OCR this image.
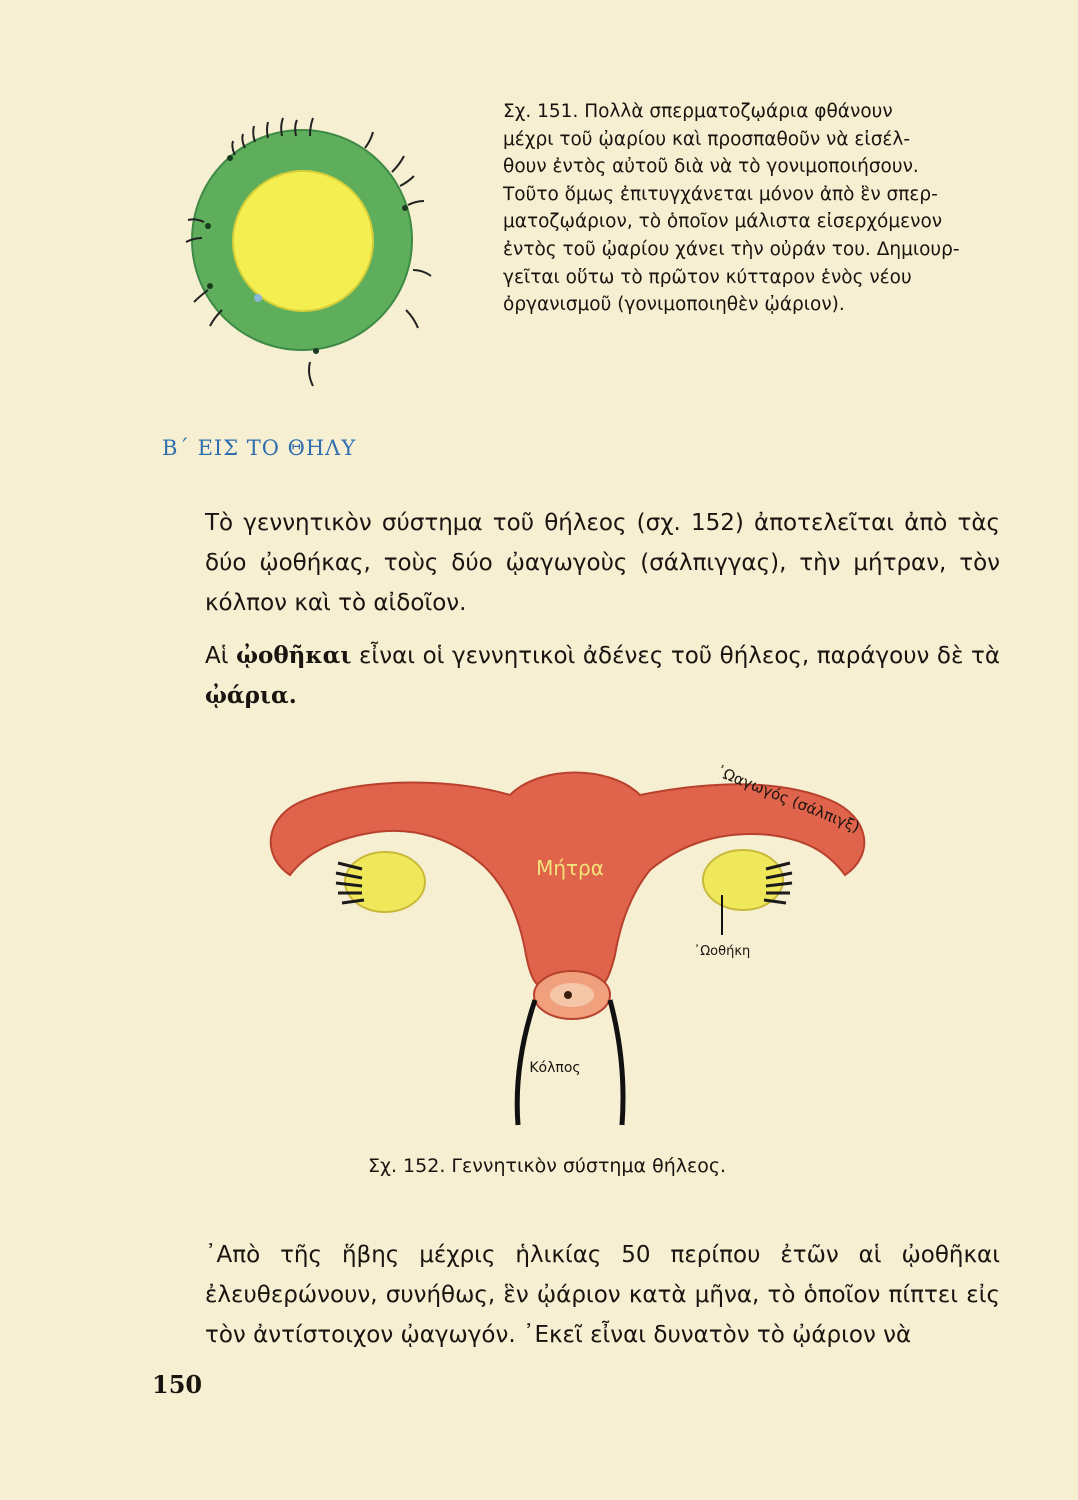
Σχ. 151. Πολλὰ σπερματοζῳάρια φθάνουν

μέχρι τοῦ ᾠαρίου καὶ προσπαθοῦν νὰ εἰσέλ-

θουν ἐντὸς αὐτοῦ διὰ νὰ τὸ γονιμοποιήσουν.

Τοῦτο ὅμως ἐπιτυγχάνεται μόνον ἀπὸ ἓν σπερ-

ματοζῳάριον, τὸ ὁποῖον μάλιστα εἰσερχόμενον

ἐντὸς τοῦ ᾠαρίου χάνει τὴν οὐράν του. Δημιουρ-

γεῖται οὕτω τὸ πρῶτον κύτταρον ἑνὸς νέου

ὀργανισμοῦ (γονιμοποιηθὲν ᾠάριον).

Β΄ ΕΙΣ ΤΟ ΘΗΛΥ

Τὸ γεννητικὸν σύστημα τοῦ θήλεος (σχ. 152) ἀποτελεῖται ἀπὸ τὰς δύο ᾠοθήκας, τοὺς δύο ᾠαγωγοὺς (σάλπιγγας), τὴν μήτραν, τὸν κόλπον καὶ τὸ αἰδοῖον.

Αἱ ᾠοθῆκαι εἶναι οἱ γεννητικοὶ ἀδένες τοῦ θήλεος, παράγουν δὲ τὰ ᾠάρια.

Μήτρα
᾿Ωοθήκη
Κόλπος
᾿Ωαγωγός (σάλπιγξ)
Σχ. 152. Γεννητικὸν σύστημα θήλεος.

᾿Απὸ τῆς ἥβης μέχρις ἡλικίας 50 περίπου ἐτῶν αἱ ᾠοθῆκαι ἐλευθερώνουν, συνήθως, ἓν ᾠάριον κατὰ μῆνα, τὸ ὁποῖον πίπτει εἰς τὸν ἀντίστοιχον ᾠαγωγόν. ᾿Εκεῖ εἶναι δυνατὸν τὸ ᾠάριον νὰ

150
